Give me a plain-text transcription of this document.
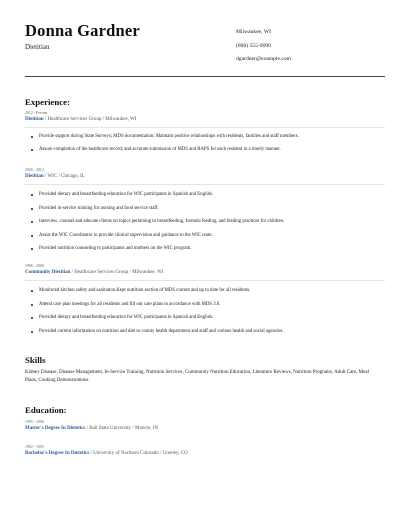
Donna Gardner
Dietitian
Milwaukee, WI
(800) 555-9090
dgardner@example.com
Experience:
2012 - Present
Dietitian / Healthcare Services Group / Milwaukee, WI
Provide support during State Surveys; MDS documentation; Maintain positive relationships with residents, families and staff members.
Assure completion of the healthcare record; and accurate submission of MDS and RAPS for each resident in a timely manner.
2006 - 2012
Dietitian / WIC / Chicago, IL
Provided dietary and breastfeeding education for WIC participants in Spanish and English.
Provided in-service training for nursing and food service staff.
Interview, counsel and educate clients on topics pertaining to breastfeeding, formula feeding, and feeding practices for children.
Assist the WIC Coordinator to provide clinical supervision and guidance to the WIC team.
Provided nutrition counseling to participants and mothers on the WIC program.
1996 - 2006
Community Dietitian / Healthcare Services Group / Milwaukee, WI
Monitored kitchen safety and sanitation.Kept nutrition section of MDS current and up to date for all residents.
Attend care plan meetings for all residents and fill out care plans in accordance with MDS 3.0.
Provided dietary and breastfeeding education for WIC participants in Spanish and English.
Provided current information on nutrition and diet to county health department and staff and various health and social agencies.
Skills
Kidney Disease, Disease Management, In-Service Training, Nutrition Services, Community Nutrition Education, Literature Reviews, Nutrition Programs, Adult Care, Meal Plans, Cooking Demonstrations
Education:
1995 - 1996
Master's Degree In Dietetics / Ball State University / Muncie, IN
1992 - 1995
Bachelor's Degree In Dietetics / University of Northern Colorado / Greeley, CO
